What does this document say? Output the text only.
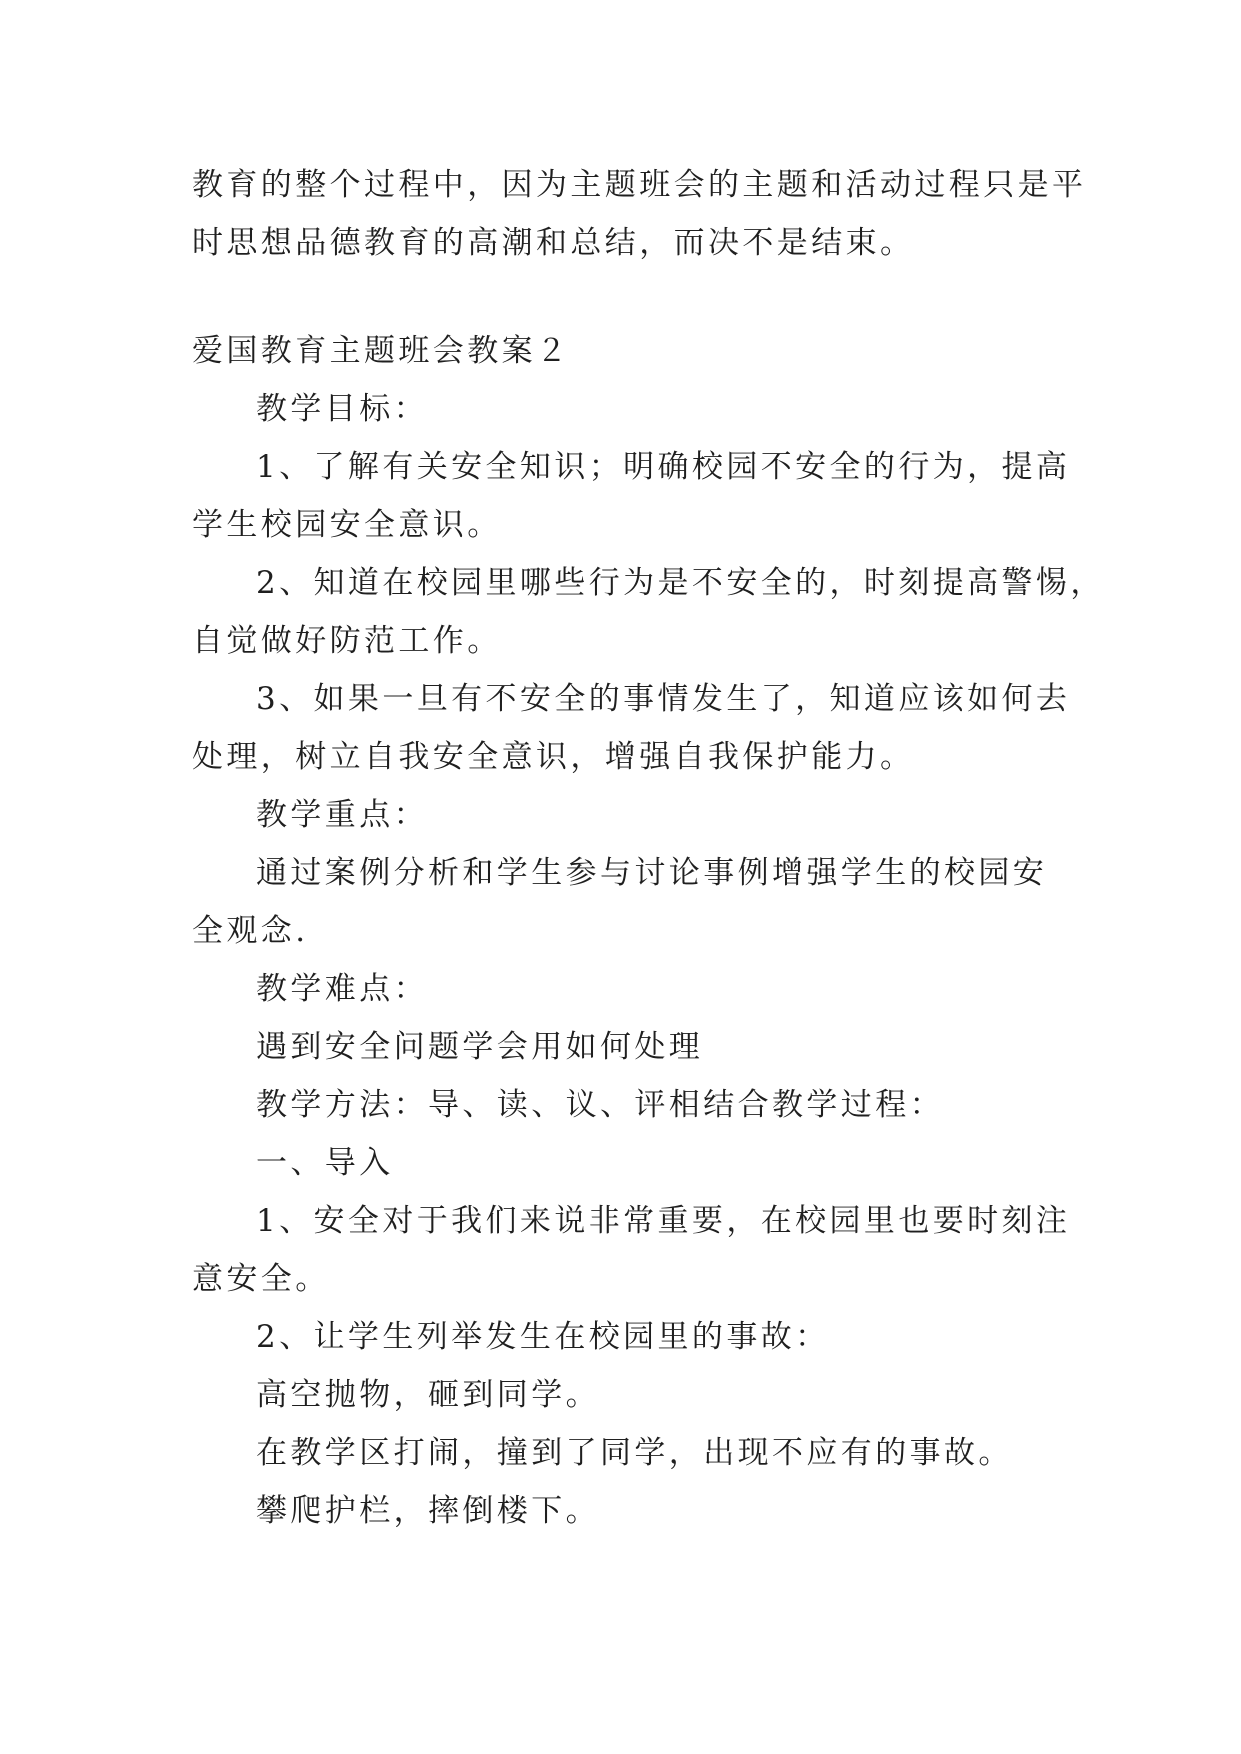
教育的整个过程中，因为主题班会的主题和活动过程只是平
时思想品德教育的高潮和总结，而决不是结束。
爱国教育主题班会教案２
教学目标：
1、了解有关安全知识；明确校园不安全的行为，提高
学生校园安全意识。
2、知道在校园里哪些行为是不安全的，时刻提高警惕，
自觉做好防范工作。
3、如果一旦有不安全的事情发生了，知道应该如何去
处理，树立自我安全意识，增强自我保护能力。
教学重点：
通过案例分析和学生参与讨论事例增强学生的校园安
全观念.
教学难点：
遇到安全问题学会用如何处理
教学方法：导、读、议、评相结合教学过程：
一、导入
1、安全对于我们来说非常重要，在校园里也要时刻注
意安全。
2、让学生列举发生在校园里的事故：
高空抛物，砸到同学。
在教学区打闹，撞到了同学，出现不应有的事故。
攀爬护栏，摔倒楼下。
